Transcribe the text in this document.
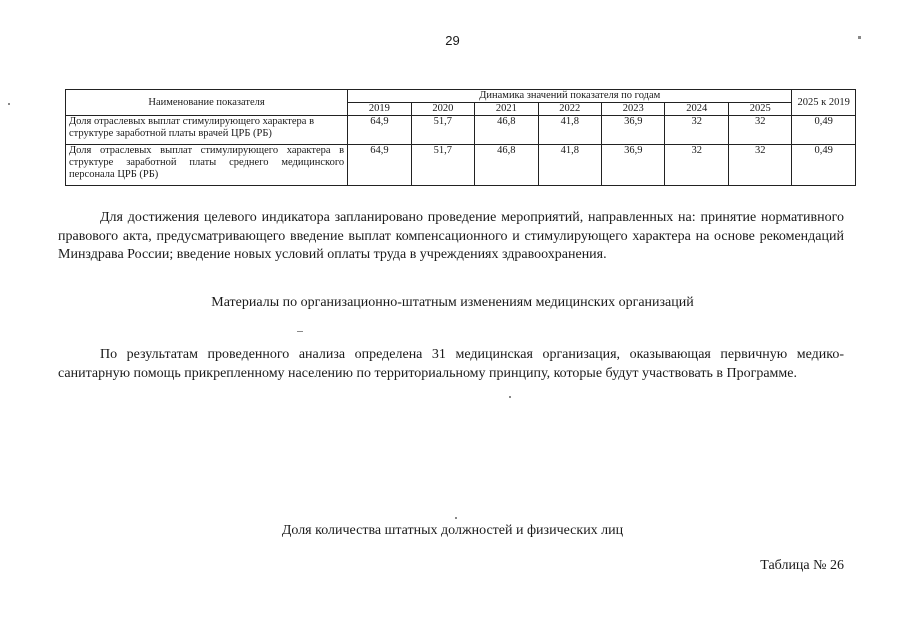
29
Наименование показателя	Динамика значений показателя по годам							2025 к 2019
	2019	2020	2021	2022	2023	2024	2025	
Доля отраслевых выплат стимулирующего характера в структуре заработной платы врачей ЦРБ (РБ)	64,9	51,7	46,8	41,8	36,9	32	32	0,49
Доля отраслевых выплат стимулирующего характера в структуре заработной платы среднего медицинского персонала ЦРБ (РБ)	64,9	51,7	46,8	41,8	36,9	32	32	0,49
Для достижения целевого индикатора запланировано проведение мероприятий, направленных на: принятие нормативного правового акта, предусматривающего введение выплат компенсационного и стимулирующего характера на основе рекомендаций Минздрава России; введение новых условий оплаты труда в учреждениях здравоохранения.
Материалы по организационно-штатным изменениям медицинских организаций
По результатам проведенного анализа определена 31 медицинская организация, оказывающая первичную медико-санитарную помощь прикрепленному населению по территориальному принципу, которые будут участвовать в Программе.
Доля количества штатных должностей и физических лиц
Таблица № 26
